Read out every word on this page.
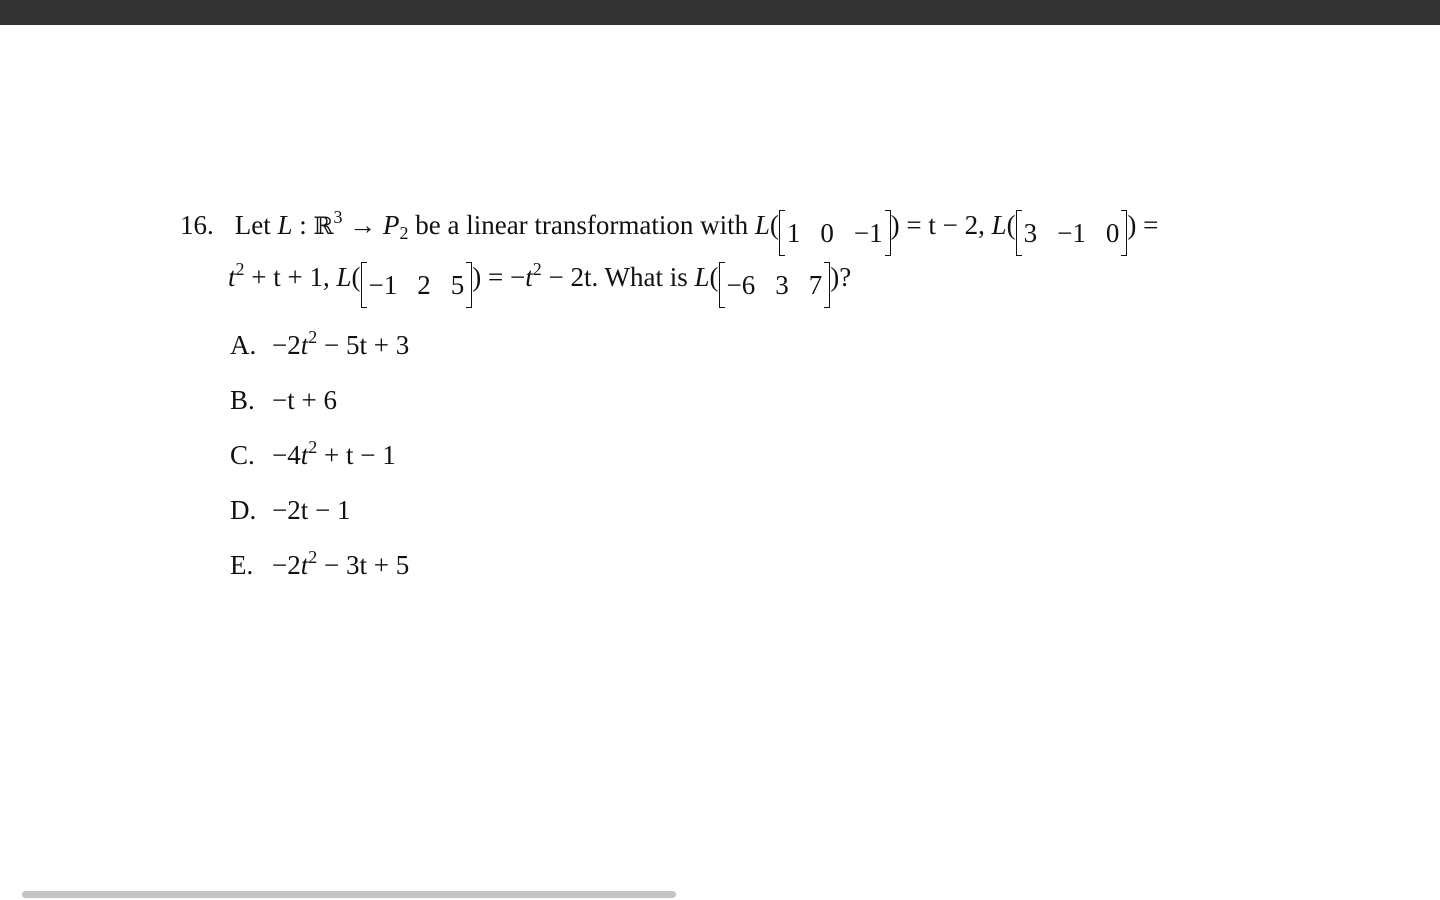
16. Let L : ℝ$^3$ → $P_2$ be a linear transformation with L( 1 0 −1 ) = t − 2, L( 3 −1 0 ) =
$t^2 + t + 1$, L( −1 2 5 ) = $-t^2 - 2t$. What is L( −6 3 7 )?
A. $-2t^2 - 5t + 3$
B. −t + 6
C. $-4t^2 + t - 1$
D. −2t − 1
E. $-2t^2 - 3t + 5$
